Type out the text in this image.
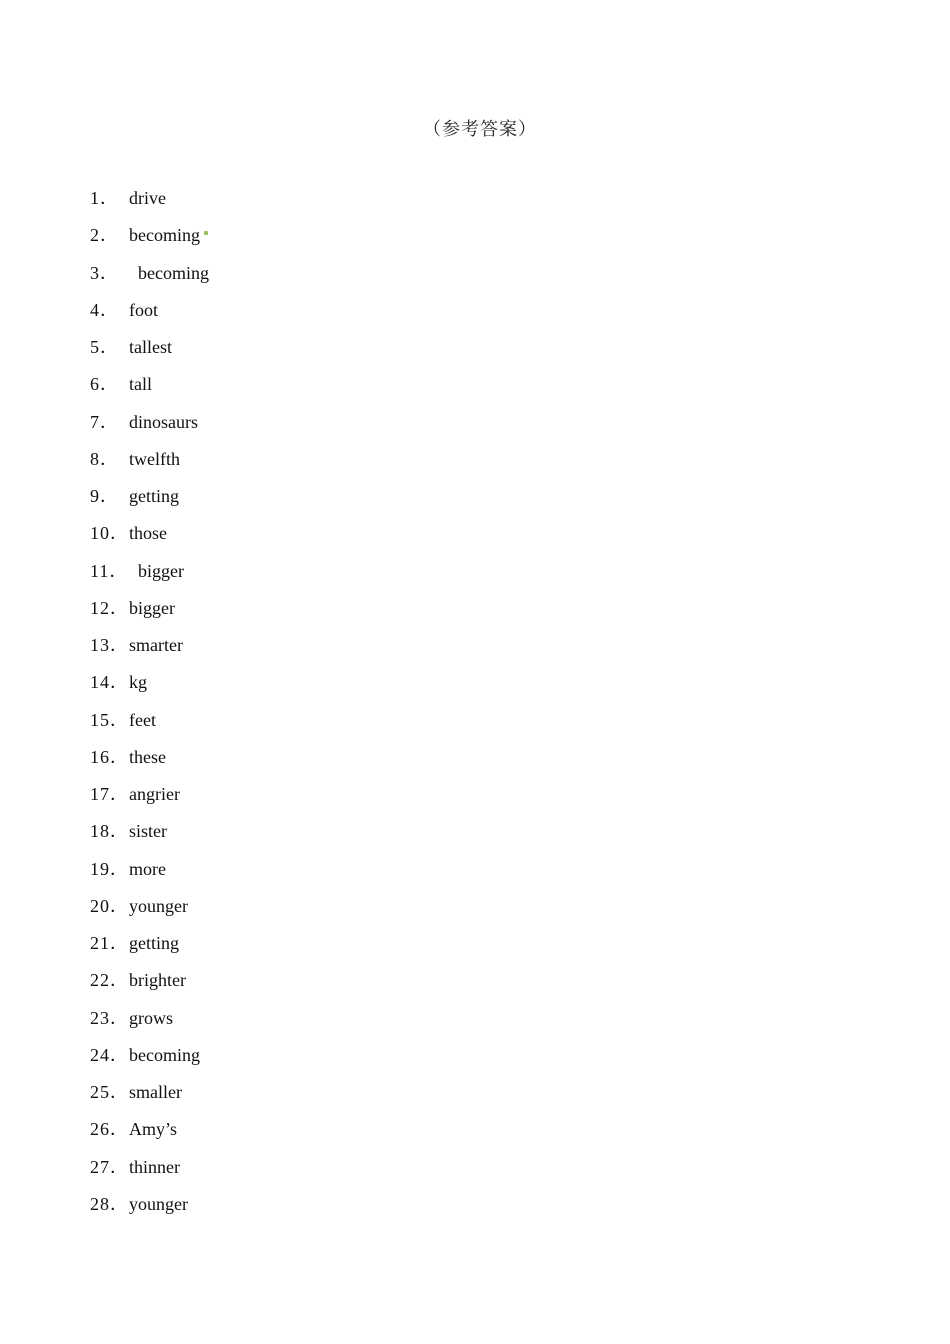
（参考答案）
1． drive
2． becoming
3． becoming
4． foot
5． tallest
6． tall
7． dinosaurs
8． twelfth
9． getting
10．those
11． bigger
12．bigger
13．smarter
14．kg
15．feet
16．these
17．angrier
18．sister
19．more
20．younger
21．getting
22．brighter
23．grows
24．becoming
25．smaller
26．Amy’s
27．thinner
28．younger
